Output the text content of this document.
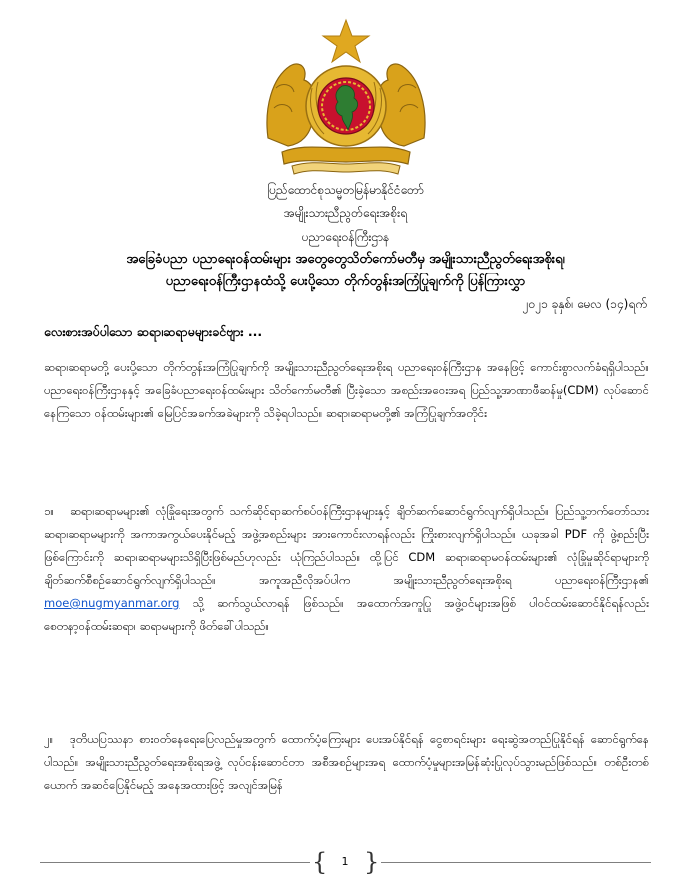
ပြည်ထောင်စုသမ္မတမြန်မာနိုင်ငံတော်
အမျိုးသားညီညွတ်ရေးအစိုးရ
ပညာရေးဝန်ကြီးဌာန
အခြေခံပညာ ပညာရေးဝန်ထမ်းများ အတွေတွေသိတ်ကော်မတီမှ အမျိုးသားညီညွတ်ရေးအစိုးရ၊
ပညာရေးဝန်ကြီးဌာနထံသို့ ပေးပို့သော တိုက်တွန်းအကြံပြုချက်ကို ပြန်ကြားလွှာ
၂၀၂၁ ခုနှစ်၊ မေလ (၁၄)ရက်
လေးစားအပ်ပါသော ဆရာ၊ဆရာမများခင်ဗျား ...
ဆရာ၊ဆရာမတို့ ပေးပို့သော တိုက်တွန်းအကြံပြုချက်ကို အမျိုးသားညီညွတ်ရေးအစိုးရ ပညာရေးဝန်ကြီးဌာန အနေဖြင့် ကောင်းစွာလက်ခံရရှိပါသည်။ ပညာရေးဝန်ကြီးဌာနနှင့် အခြေခံပညာရေးဝန်ထမ်းများ သိတ်ကော်မတီ၏ ပြီးခဲ့သော အစည်းအဝေးအရ ပြည်သူ့အာဏာဖီဆန်မှု(CDM) လုပ်ဆောင်နေကြသော ဝန်ထမ်းများ၏ မြေပြင်အခက်အခဲများကို သိခဲ့ရပါသည်။ ဆရာ၊ဆရာမတို့၏ အကြံပြုချက်အတိုင်း
၁။ ဆရာ၊ဆရာမများ၏ လုံခြုံရေးအတွက် သက်ဆိုင်ရာဆက်စပ်ဝန်ကြီးဌာနများနှင့် ချိတ်ဆက်ဆောင်ရွက်လျက်ရှိပါသည်။ ပြည်သူ့ဘက်တော်သား ဆရာ၊ဆရာမများကို အကာအကွယ်ပေးနိုင်မည့် အဖွဲ့အစည်းများ အားကောင်းလာရန်လည်း ကြိုးစားလျက်ရှိပါသည်။ ယခုအခါ PDF ကို ဖွဲ့စည်းပြီးဖြစ်ကြောင်းကို ဆရာ၊ဆရာမများသိရှိပြီးဖြစ်မည်ဟုလည်း ယုံကြည်ပါသည်။ ထို့ပြင် CDM ဆရာ၊ဆရာမဝန်ထမ်းများ၏ လုံခြုံမှုဆိုင်ရာများကို ချိတ်ဆက်စီစဉ်ဆောင်ရွက်လျက်ရှိပါသည်။ အကူအညီလိုအပ်ပါက အမျိုးသားညီညွတ်ရေးအစိုးရ ပညာရေးဝန်ကြီးဌာန၏ moe@nugmyanmar.org သို့ ဆက်သွယ်လာရန် ဖြစ်သည်။ အထောက်အကူပြု အဖွဲ့ဝင်များအဖြစ် ပါဝင်ထမ်းဆောင်နိုင်ရန်လည်း စေတနာ့ဝန်ထမ်းဆရာ၊ ဆရာမများကို ဖိတ်ခေါ်ပါသည်။
၂။ ဒုတိယပြဿနာ စားဝတ်နေရေးပြေလည်မှုအတွက် ထောက်ပံ့ကြေးများ ပေးအပ်နိုင်ရန် ငွေစာရင်းများ ရေးဆွဲအတည်ပြုနိုင်ရန် ဆောင်ရွက်နေပါသည်။ အမျိုးသားညီညွတ်ရေးအစိုးရအဖွဲ့ လုပ်ငန်းဆောင်တာ အစီအစဉ်များအရ ထောက်ပံ့မှုများအမြန်ဆုံးပြုလုပ်သွားမည်ဖြစ်သည်။ တစ်ဦးတစ်ယောက် အဆင်ပြေနိုင်မည့် အနေအထားဖြင့် အလျင်အမြန်
{	1 }
